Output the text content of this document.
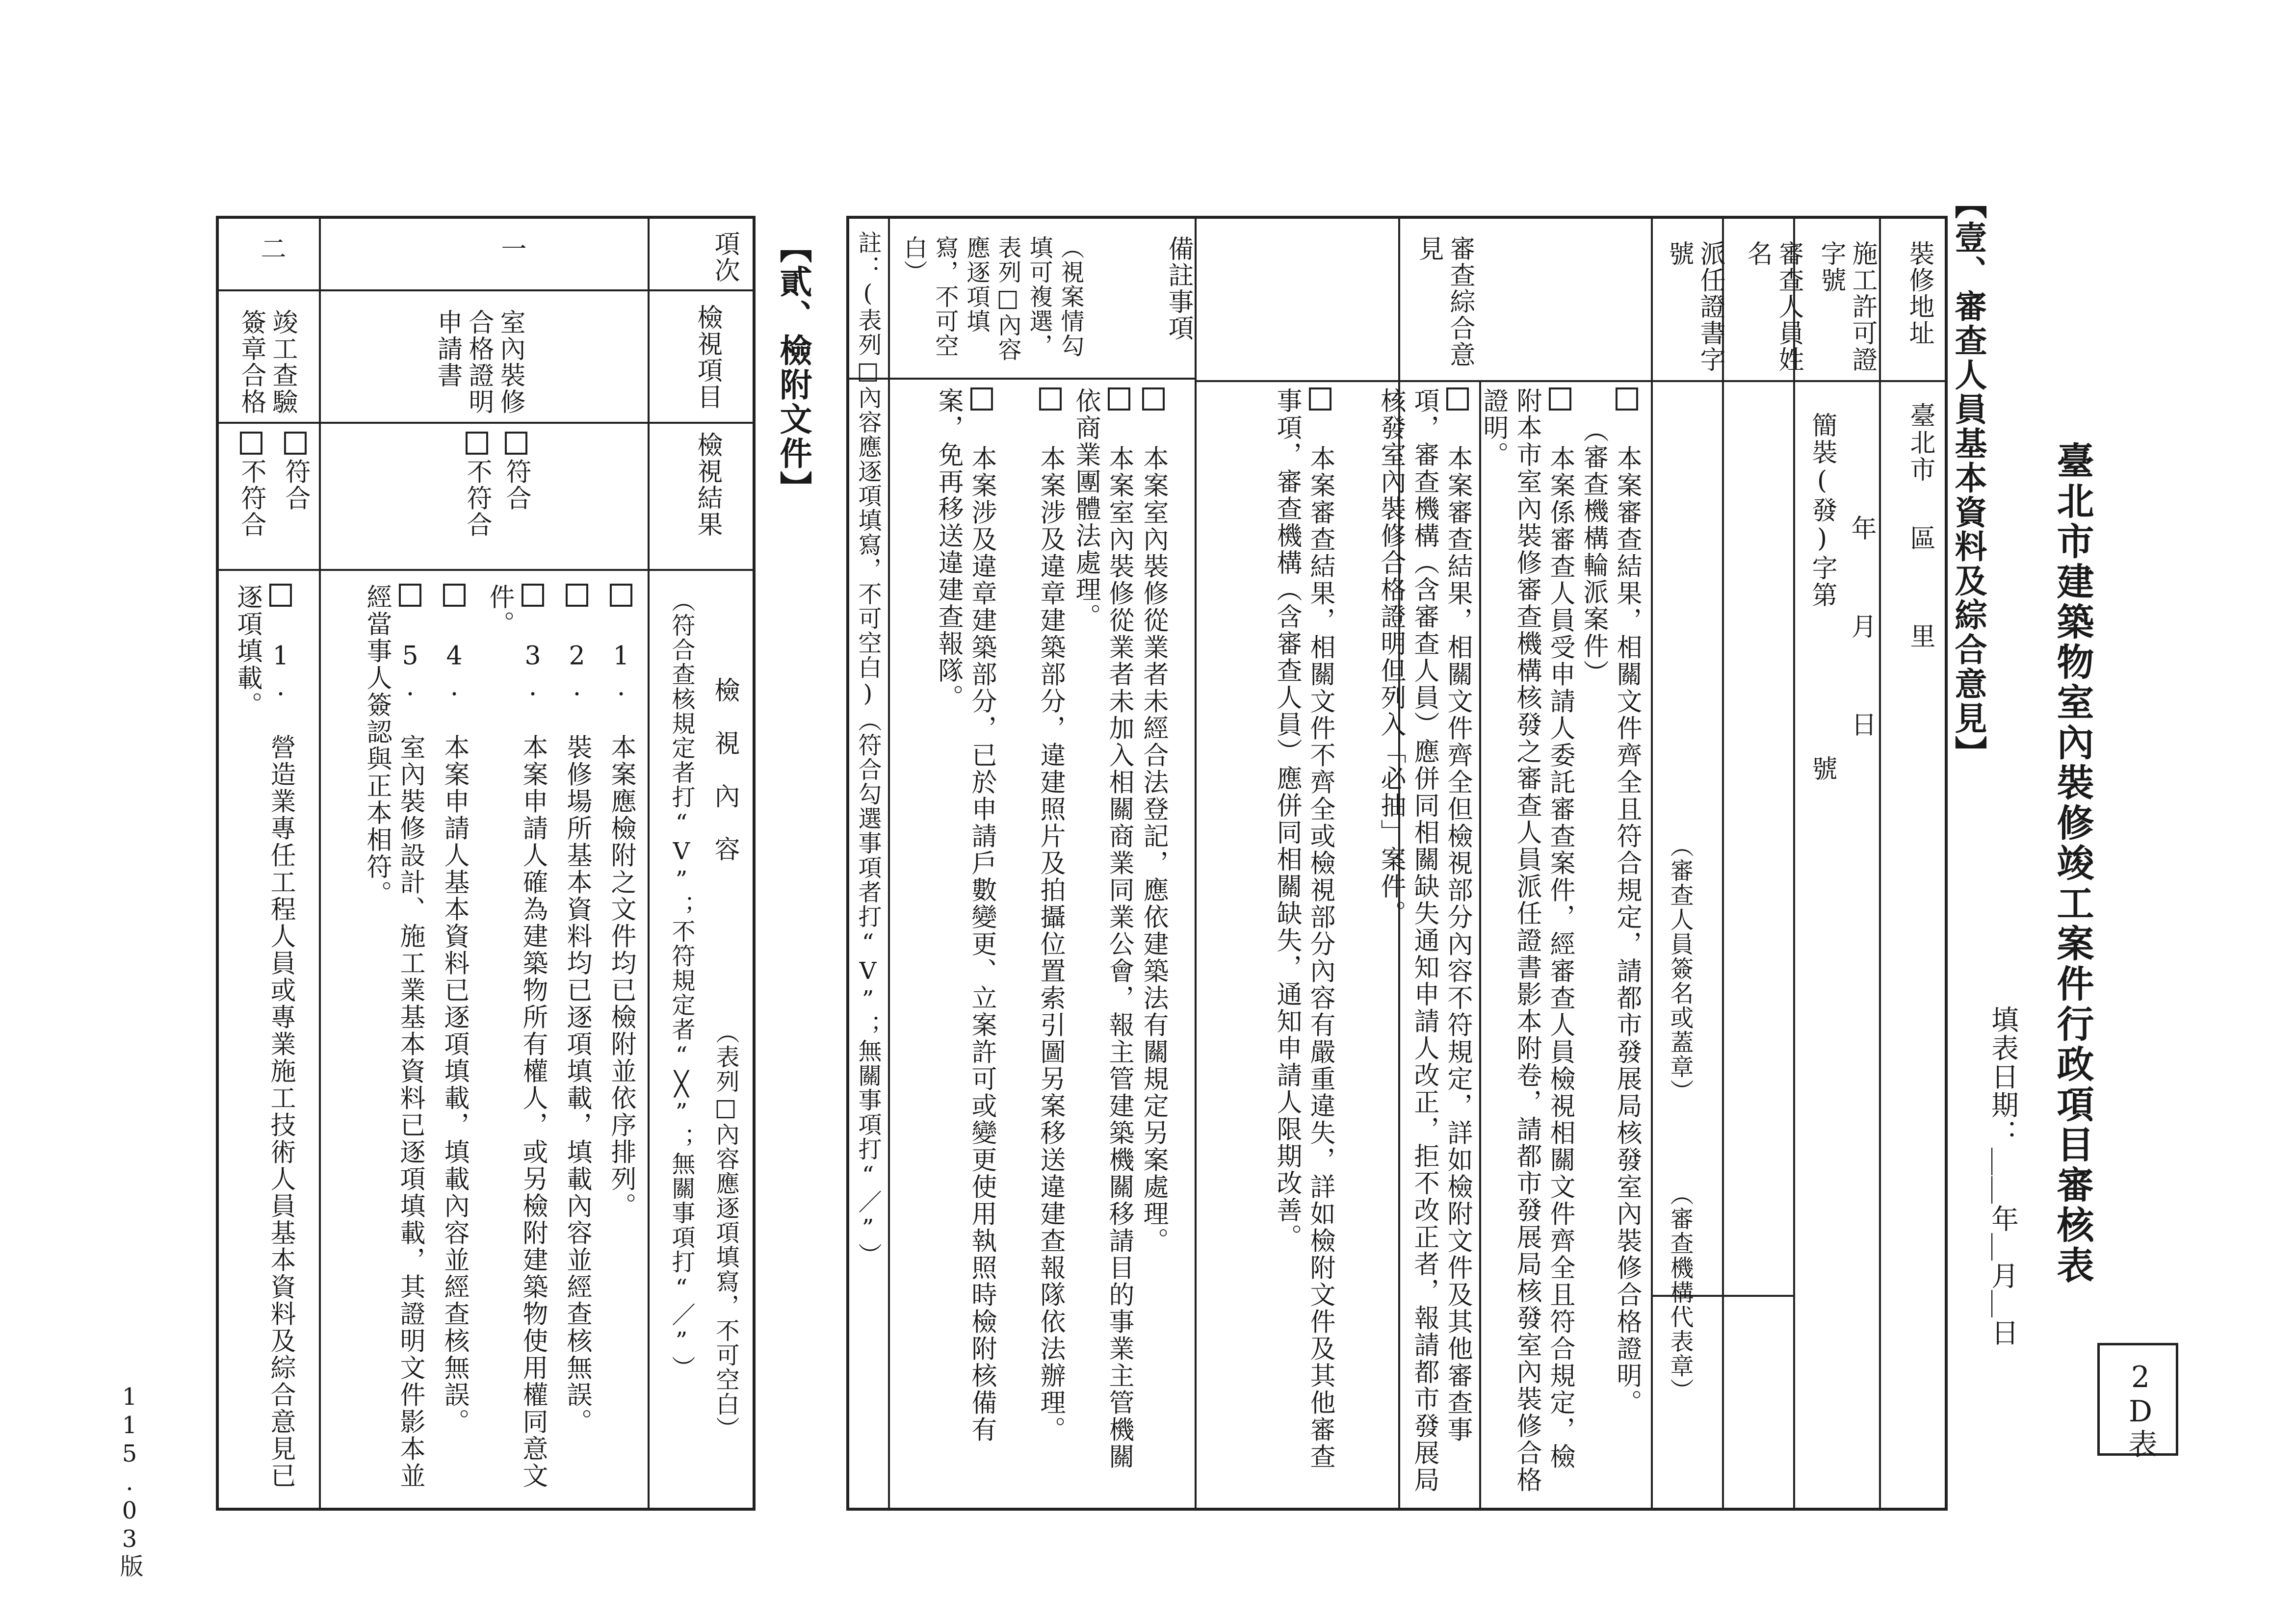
2D表
臺北市建築物室內裝修竣工案件行政項目審核表
填表日期：＿＿年＿月＿日
【壹、審查人員基本資料及綜合意見】
裝修地址
臺北市
區
里
施工許可證字號
年
月
日
簡裝(發)字第
號
審查人員姓　　名
（審查人員簽名或蓋章）
（審查機構代表章）
派任證書字號
審查綜合意見
本案審查結果，相關文件齊全且符合規定，請都市發展局核發室內裝修合格證明。
（審查機構輪派案件）
本案係審查人員受申請人委託審查案件，經審查人員檢視相關文件齊全且符合規定，檢附本市室內裝修審查機構核發之審查人員派任證書影本附卷，請都市發展局核發室內裝修合格證明。
本案審查結果，相關文件齊全但檢視部分內容不符規定，詳如檢附文件及其他審查事項，審查機構（含審查人員）應併同相關缺失通知申請人改正，拒不改正者，報請都市發展局核發室內裝修合格證明但列入「必抽」案件。
本案審查結果，相關文件不齊全或檢視部分內容有嚴重違失，詳如檢附文件及其他審查事項，審查機構（含審查人員）應併同相關缺失，通知申請人限期改善。
備註事項
（視案情勾填可複選，表列□內容應逐項填寫，不可空白）
本案室內裝修從業者未經合法登記，應依建築法有關規定另案處理。
本案室內裝修從業者未加入相關商業同業公會，報主管建築機關移請目的事業主管機關依商業團體法處理。
本案涉及違章建築部分，違建照片及拍攝位置索引圖另案移送違建查報隊依法辦理。
本案涉及違章建築部分，已於申請戶數變更、立案許可或變更使用執照時檢附核備有案，免再移送違建查報隊。
註：(表列□內容應逐項填寫，不可空白)（符合勾選事項者打“V”；無關事項打“／”）
【貳、檢附文件】
項次
檢視項目
檢視結果
檢　視　內　容
（表列□內容應逐項填寫，不可空白）
（符合查核規定者打“V”；不符規定者“╳”；無關事項打“／”）
一
室內裝修合格證明申請書
符合
不符合
1. 本案應檢附之文件均已檢附並依序排列。
2. 裝修場所基本資料均已逐項填載，填載內容並經查核無誤。
3. 本案申請人確為建築物所有權人，或另檢附建築物使用權同意文件。
4. 本案申請人基本資料已逐項填載，填載內容並經查核無誤。
5. 室內裝修設計、施工業基本資料已逐項填載，其證明文件影本並經當事人簽認與正本相符。
二
竣工查驗簽章合格
符合
不符合
1. 營造業專任工程人員或專業施工技術人員基本資料及綜合意見已逐項填載。
115.03版
